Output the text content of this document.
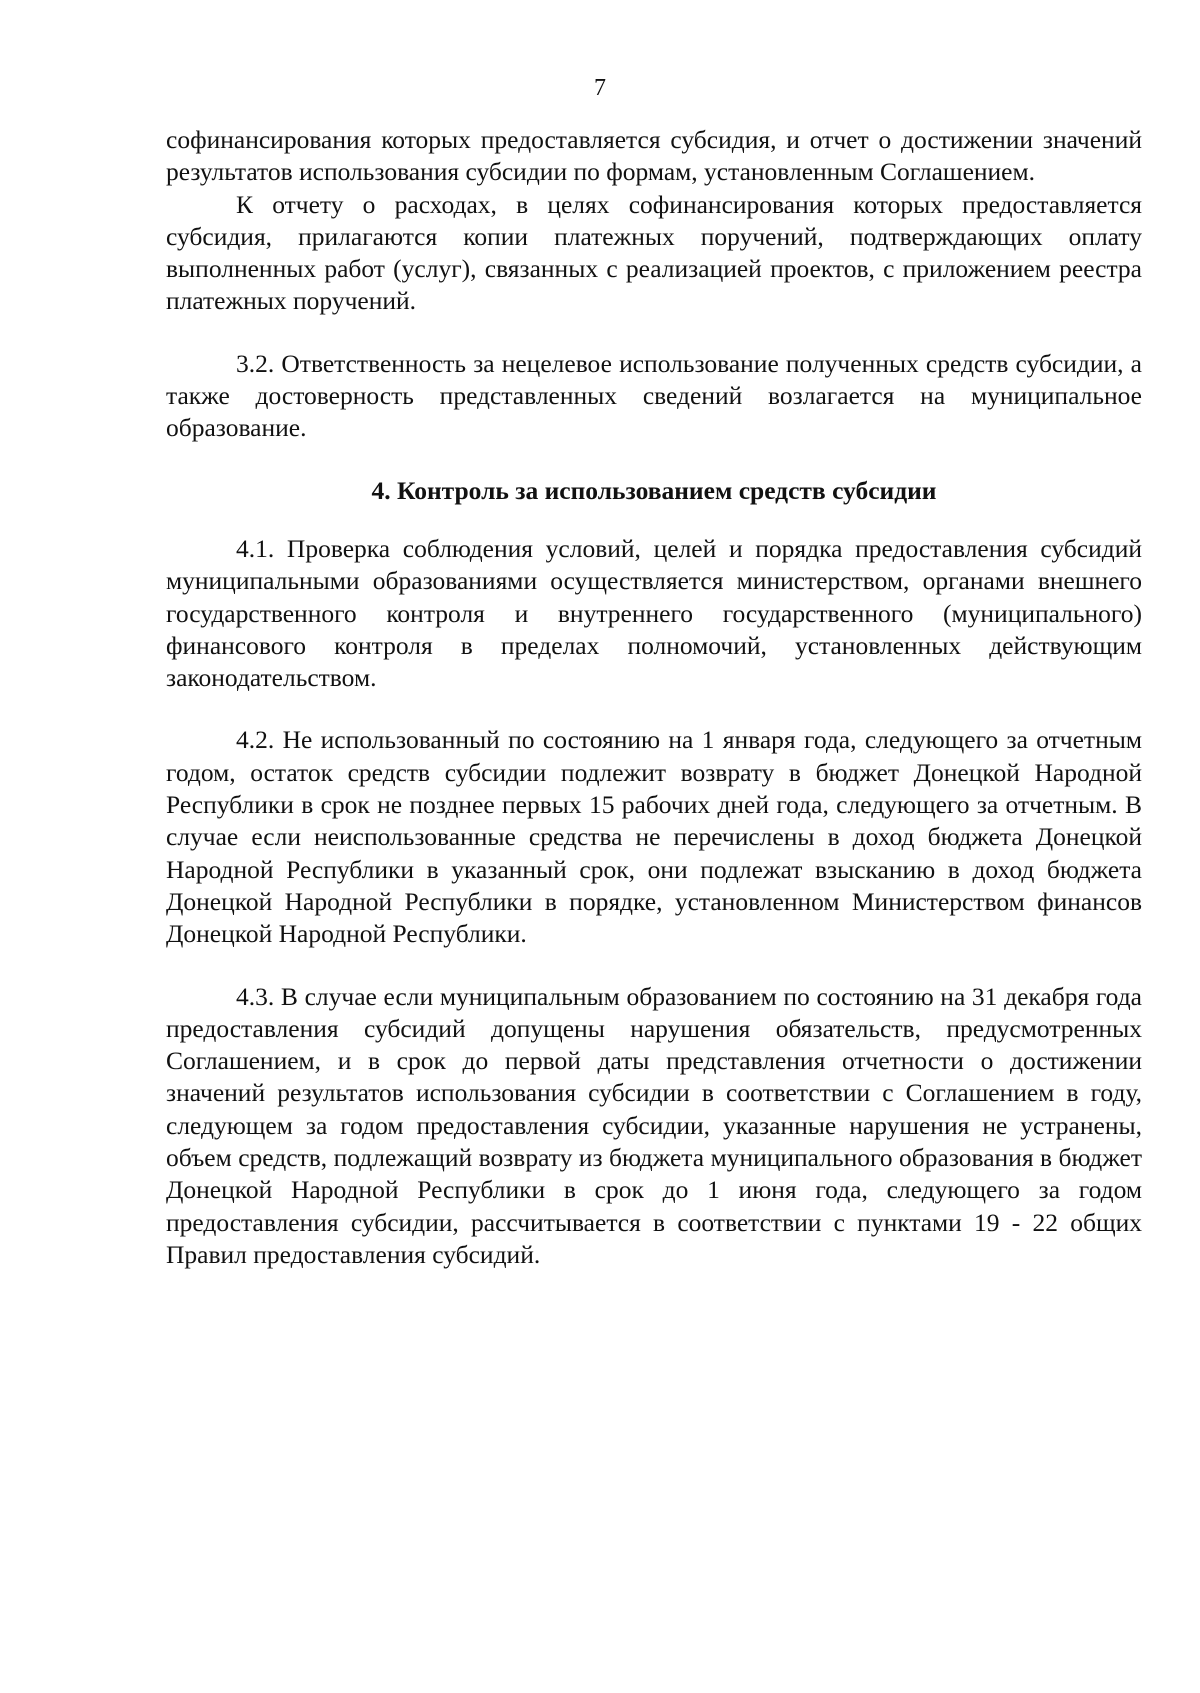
7

софинансирования которых предоставляется субсидия, и отчет о достижении значений результатов использования субсидии по формам, установленным Соглашением.

К отчету о расходах, в целях софинансирования которых предоставляется субсидия, прилагаются копии платежных поручений, подтверждающих оплату выполненных работ (услуг), связанных с реализацией проектов, с приложением реестра платежных поручений.

3.2. Ответственность за нецелевое использование полученных средств субсидии, а также достоверность представленных сведений возлагается на муниципальное образование.

4. Контроль за использованием средств субсидии

4.1. Проверка соблюдения условий, целей и порядка предоставления субсидий муниципальными образованиями осуществляется министерством, органами внешнего государственного контроля и внутреннего государственного (муниципального) финансового контроля в пределах полномочий, установленных действующим законодательством.

4.2. Не использованный по состоянию на 1 января года, следующего за отчетным годом, остаток средств субсидии подлежит возврату в бюджет Донецкой Народной Республики в срок не позднее первых 15 рабочих дней года, следующего за отчетным. В случае если неиспользованные средства не перечислены в доход бюджета Донецкой Народной Республики в указанный срок, они подлежат взысканию в доход бюджета Донецкой Народной Республики в порядке, установленном Министерством финансов Донецкой Народной Республики.

4.3. В случае если муниципальным образованием по состоянию на 31 декабря года предоставления субсидий допущены нарушения обязательств, предусмотренных Соглашением, и в срок до первой даты представления отчетности о достижении значений результатов использования субсидии в соответствии с Соглашением в году, следующем за годом предоставления субсидии, указанные нарушения не устранены, объем средств, подлежащий возврату из бюджета муниципального образования в бюджет Донецкой Народной Республики в срок до 1 июня года, следующего за годом предоставления субсидии, рассчитывается в соответствии с пунктами 19 - 22 общих Правил предоставления субсидий.
